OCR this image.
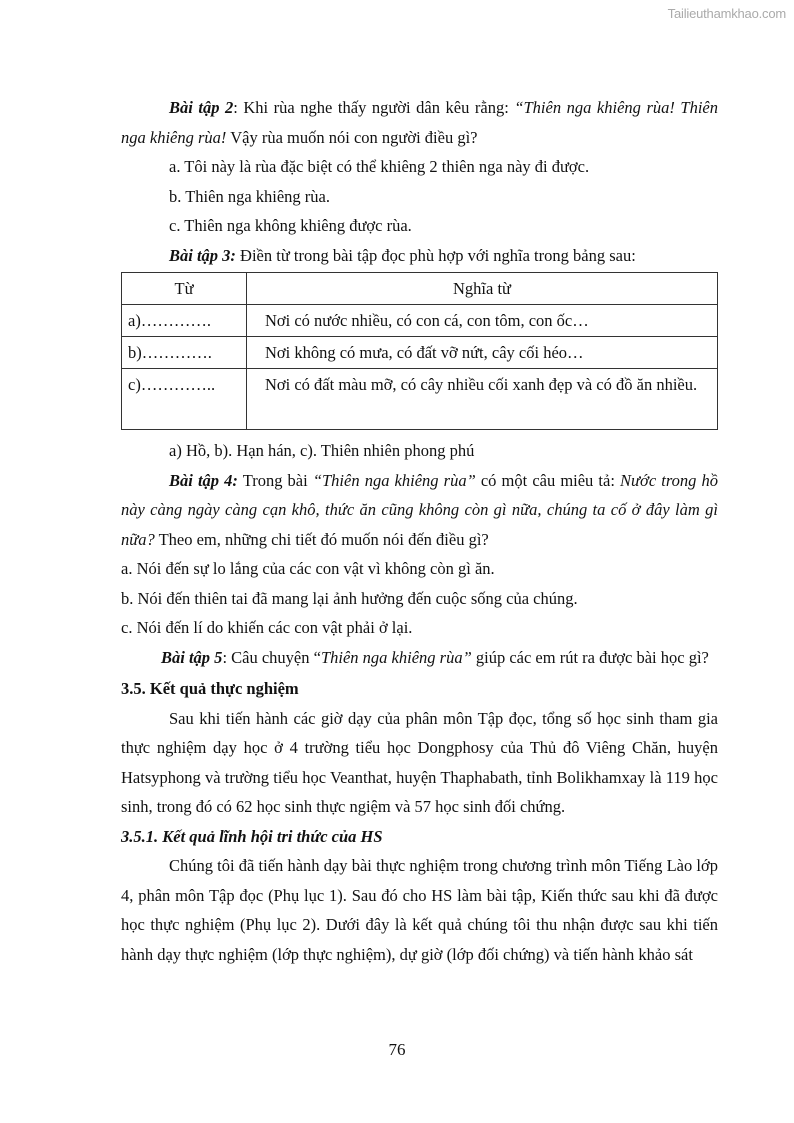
Tailieuthamkhao.com

Bài tập 2: Khi rùa nghe thấy người dân kêu rằng: “Thiên nga khiêng rùa! Thiên nga khiêng rùa! Vậy rùa muốn nói con người điều gì?

a. Tôi này là rùa đặc biệt có thể khiêng 2 thiên nga này đi được.

b. Thiên nga khiêng rùa.

c. Thiên nga không khiêng được rùa.

Bài tập 3: Điền từ trong bài tập đọc phù hợp với nghĩa trong bảng sau:

Từ	Nghĩa từ
a)………….	Nơi có nước nhiều, có con cá, con tôm, con ốc…
b)………….	Nơi không có mưa, có đất vỡ nứt, cây cối héo…
c)…………..	Nơi có đất màu mỡ, có cây nhiều cối xanh đẹp và có đồ ăn nhiều.

a) Hồ, b). Hạn hán, c). Thiên nhiên phong phú

Bài tập 4: Trong bài “Thiên nga khiêng rùa” có một câu miêu tả: Nước trong hồ này càng ngày càng cạn khô, thức ăn cũng không còn gì nữa, chúng ta cố ở đây làm gì nữa? Theo em, những chi tiết đó muốn nói đến điều gì?

a. Nói đến sự lo lắng của các con vật vì không còn gì ăn.

b. Nói đến thiên tai đã mang lại ảnh hưởng đến cuộc sống của chúng.

c. Nói đến lí do khiến các con vật phải ở lại.

Bài tập 5: Câu chuyện “Thiên nga khiêng rùa” giúp các em rút ra được bài học gì?

3.5. Kết quả thực nghiệm

Sau khi tiến hành các giờ dạy của phân môn Tập đọc, tổng số học sinh tham gia thực nghiệm dạy học ở 4 trường tiểu học Dongphosy của Thủ đô Viêng Chăn, huyện Hatsyphong và trường tiểu học Veanthat, huyện Thaphabath, tỉnh Bolikhamxay là 119 học sinh, trong đó có 62 học sinh thực ngiệm và 57 học sinh đối chứng.

3.5.1. Kết quả lĩnh hội tri thức của HS

Chúng tôi đã tiến hành dạy bài thực nghiệm trong chương trình môn Tiếng Lào lớp 4, phân môn Tập đọc (Phụ lục 1). Sau đó cho HS làm bài tập, Kiến thức sau khi đã được học thực nghiệm (Phụ lục 2). Dưới đây là kết quả chúng tôi thu nhận được sau khi tiến hành dạy thực nghiệm (lớp thực nghiệm), dự giờ (lớp đối chứng) và tiến hành khảo sát

76
